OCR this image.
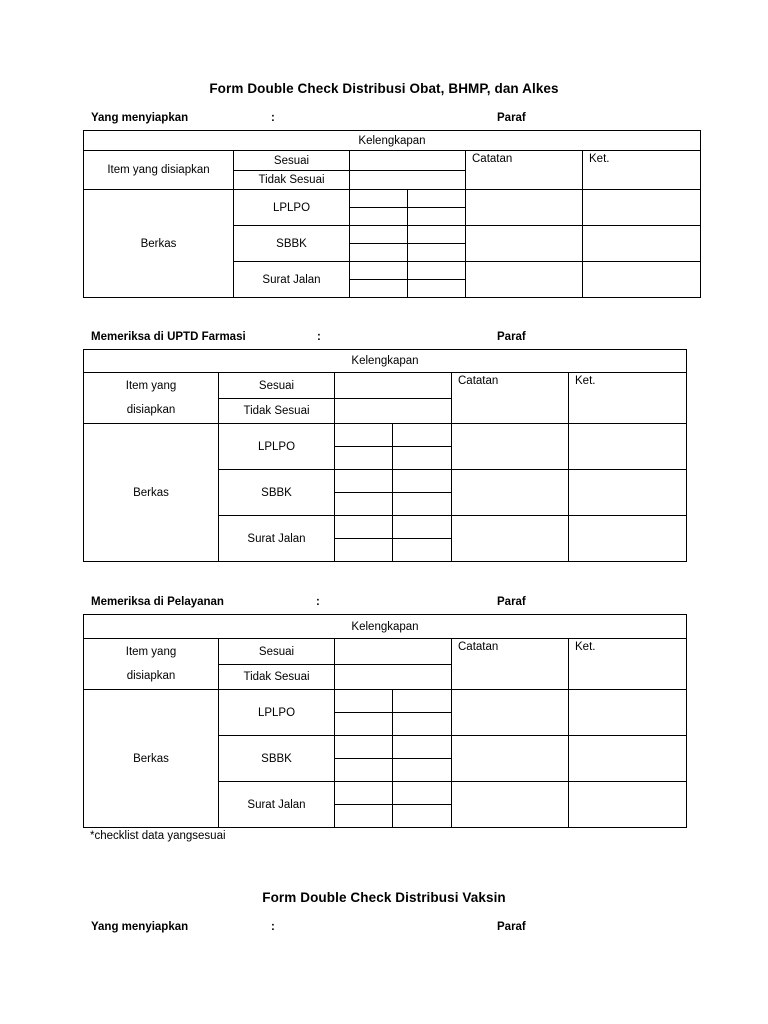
Form Double Check Distribusi Obat, BHMP, dan Alkes
Yang menyiapkan	:	Paraf
Kelengkapan					
Item yang disiapkan	Sesuai			Catatan	Ket.
	Tidak Sesuai				
Berkas	LPLPO				

	SBBK				

	Surat Jalan				

Memeriksa di UPTD Farmasi	:	Paraf
Kelengkapan					

Item yang
disiapkan	Sesuai			Catatan	Ket.
	Tidak Sesuai				
Berkas	LPLPO				

	SBBK				

	Surat Jalan				

Memeriksa di Pelayanan	:	Paraf
Kelengkapan					

Item yang
disiapkan	Sesuai			Catatan	Ket.
	Tidak Sesuai				
Berkas	LPLPO				

	SBBK				

	Surat Jalan				

*checklist data yangsesuai
Form Double Check Distribusi Vaksin
Yang menyiapkan	:	Paraf
